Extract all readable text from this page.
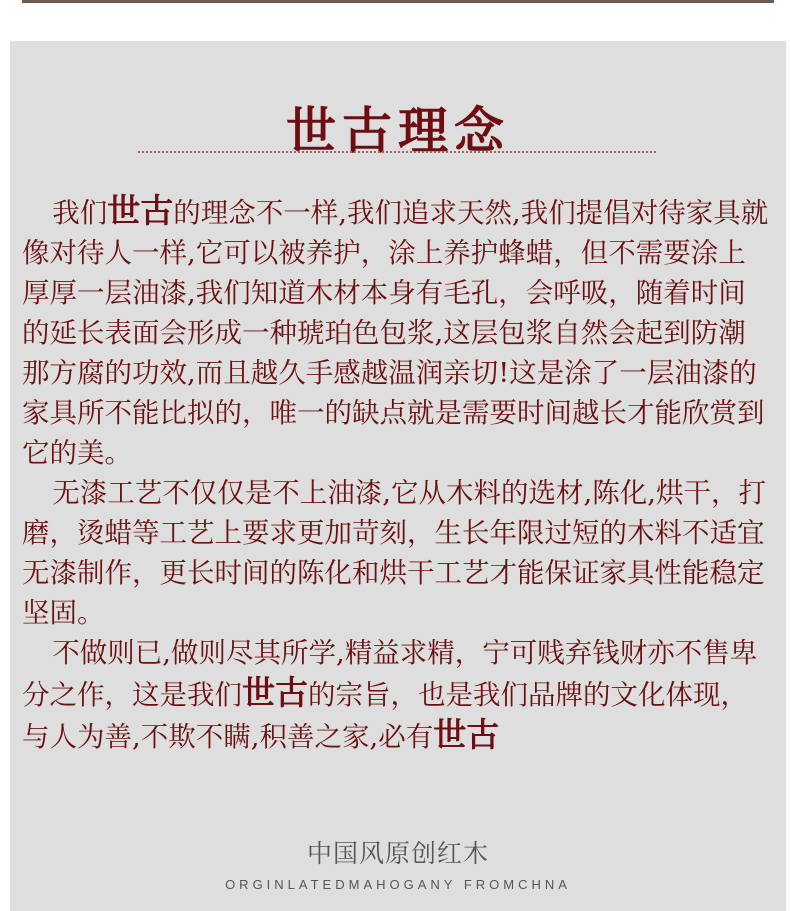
世古理念

我们世古的理念不一样,我们追求天然,我们提倡对待家具就像对待人一样,它可以被养护，涂上养护蜂蜡，但不需要涂上厚厚一层油漆,我们知道木材本身有毛孔，会呼吸，随着时间的延长表面会形成一种琥珀色包浆,这层包浆自然会起到防潮那方腐的功效,而且越久手感越温润亲切!这是涂了一层油漆的家具所不能比拟的，唯一的缺点就是需要时间越长才能欣赏到它的美。

无漆工艺不仅仅是不上油漆,它从木料的选材,陈化,烘干，打磨，烫蜡等工艺上要求更加苛刻，生长年限过短的木料不适宜无漆制作，更长时间的陈化和烘干工艺才能保证家具性能稳定坚固。

不做则已,做则尽其所学,精益求精，宁可贱弃钱财亦不售卑分之作，这是我们世古的宗旨，也是我们品牌的文化体现，与人为善,不欺不瞒,积善之家,必有世古

中国风原创红木
ORGINLATEDMAHOGANY FROMCHNA
